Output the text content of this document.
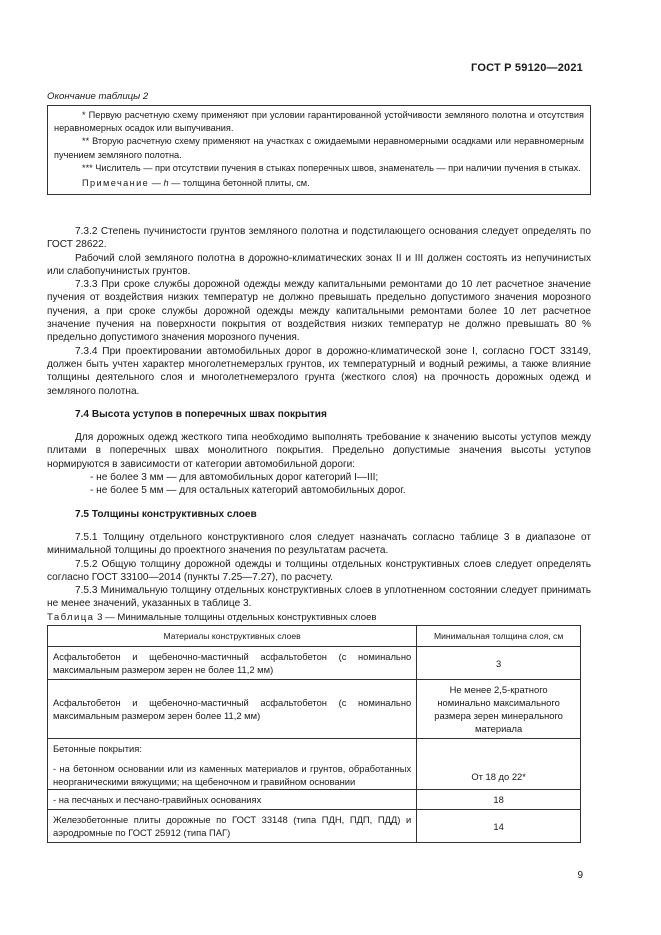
ГОСТ Р 59120—2021
Окончание таблицы 2

* Первую расчетную схему применяют при условии гарантированной устойчивости земляного полотна и отсутствия неравномерных осадок или выпучивания.

** Вторую расчетную схему применяют на участках с ожидаемыми неравномерными осадками или неравномерным пучением земляного полотна.

*** Числитель — при отсутствии пучения в стыках поперечных швов, знаменатель — при наличии пучения в стыках.

Примечание — h — толщина бетонной плиты, см.

7.3.2 Степень пучинистости грунтов земляного полотна и подстилающего основания следует определять по ГОСТ 28622.

Рабочий слой земляного полотна в дорожно-климатических зонах II и III должен состоять из непучинистых или слабопучинистых грунтов.

7.3.3 При сроке службы дорожной одежды между капитальными ремонтами до 10 лет расчетное значение пучения от воздействия низких температур не должно превышать предельно допустимого значения морозного пучения, а при сроке службы дорожной одежды между капитальными ремонтами более 10 лет расчетное значение пучения на поверхности покрытия от воздействия низких температур не должно превышать 80 % предельно допустимого значения морозного пучения.

7.3.4 При проектировании автомобильных дорог в дорожно-климатической зоне I, согласно ГОСТ 33149, должен быть учтен характер многолетнемерзлых грунтов, их температурный и водный режимы, а также влияние толщины деятельного слоя и многолетнемерзлого грунта (жесткого слоя) на прочность дорожных одежд и земляного полотна.

7.4 Высота уступов в поперечных швах покрытия

Для дорожных одежд жесткого типа необходимо выполнять требование к значению высоты уступов между плитами в поперечных швах монолитного покрытия. Предельно допустимые значения высоты уступов нормируются в зависимости от категории автомобильной дороги:

- не более 3 мм — для автомобильных дорог категорий I—III;

- не более 5 мм — для остальных категорий автомобильных дорог.

7.5 Толщины конструктивных слоев

7.5.1 Толщину отдельного конструктивного слоя следует назначать согласно таблице 3 в диапазоне от минимальной толщины до проектного значения по результатам расчета.

7.5.2 Общую толщину дорожной одежды и толщины отдельных конструктивных слоев следует определять согласно ГОСТ 33100—2014 (пункты 7.25—7.27), по расчету.

7.5.3 Минимальную толщину отдельных конструктивных слоев в уплотненном состоянии следует принимать не менее значений, указанных в таблице 3.

Таблица 3 — Минимальные толщины отдельных конструктивных слоев
Материалы конструктивных слоев	Минимальная толщина слоя, см
Асфальтобетон и щебеночно-мастичный асфальтобетон (с номинально максимальным размером зерен не более 11,2 мм)	3
Асфальтобетон и щебеночно-мастичный асфальтобетон (с номинально максимальным размером зерен более 11,2 мм)	Не менее 2,5-кратного номинально максимального размера зерен минерального материала

Бетонные покрытия:
- на бетонном основании или из каменных материалов и грунтов, обработанных неорганическими вяжущими; на щебеночном и гравийном основании	От 18 до 22*
- на песчаных и песчано-гравийных основаниях	18
Железобетонные плиты дорожные по ГОСТ 33148 (типа ПДН, ПДП, ПДД) и аэродромные по ГОСТ 25912 (типа ПАГ)	14
9
